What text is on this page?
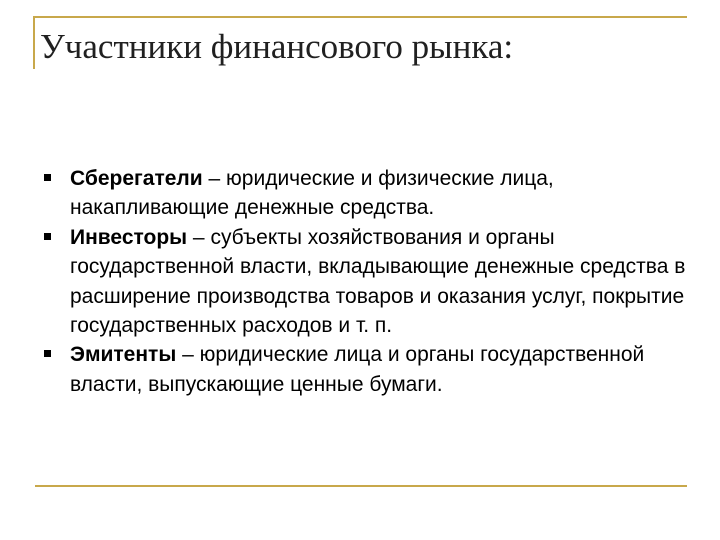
Участники финансового рынка:
Сберегатели – юридические и физические лица, накапливающие денежные средства.
Инвесторы – субъекты хозяйствования и органы государственной власти, вкладывающие денежные средства в расширение производства товаров и оказания услуг, покрытие государственных расходов и т. п.
Эмитенты – юридические лица и органы государственной власти, выпускающие ценные бумаги.
